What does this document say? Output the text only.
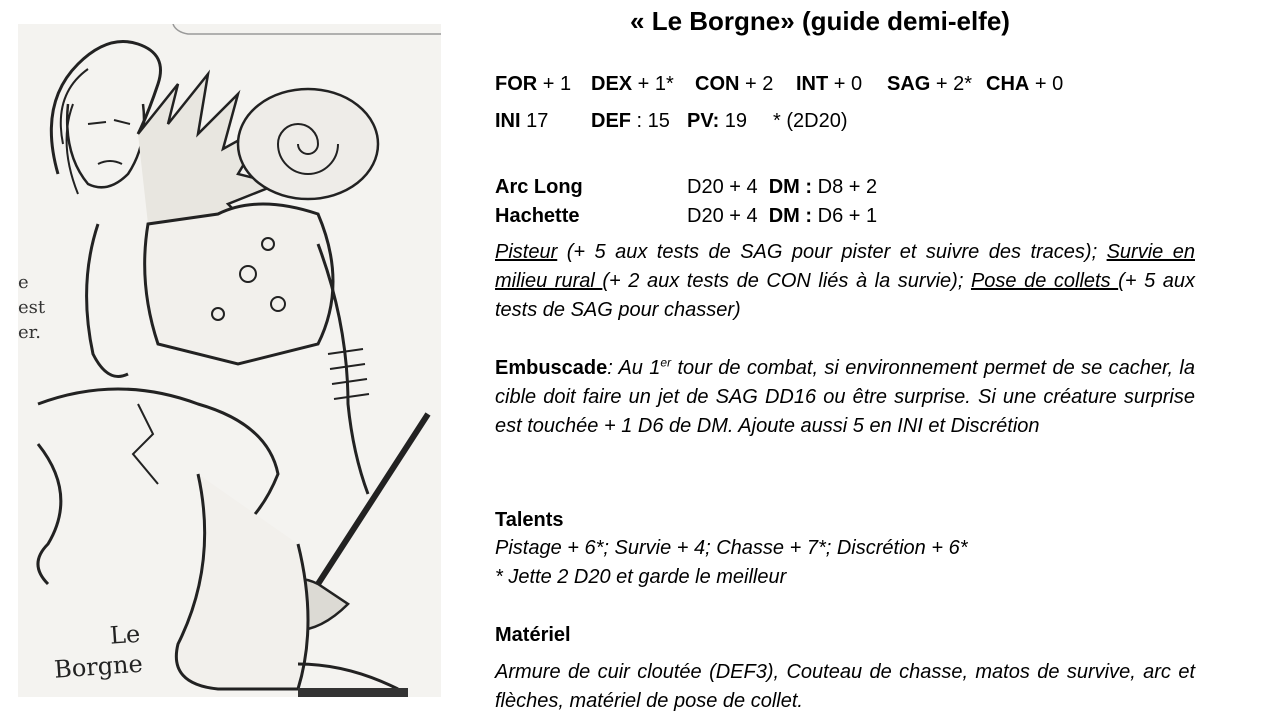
Le
Borgne
e
est
er.
« Le Borgne» (guide demi-elfe)
FOR + 1 DEX + 1* CON + 2 INT + 0 SAG + 2* CHA + 0
INI 17 DEF : 15 PV: 19 * (2D20)
Arc Long	D20 + 4 DM : D8 + 2
Hachette	D20 + 4 DM : D6 + 1
Pisteur (+ 5 aux tests de SAG pour pister et suivre des traces); Survie en milieu rural (+ 2 aux tests de CON liés à la survie); Pose de collets (+ 5 aux tests de SAG pour chasser)
Embuscade: Au 1er tour de combat, si environnement permet de se cacher, la cible doit faire un jet de SAG DD16 ou être surprise. Si une créature surprise est touchée + 1 D6 de DM. Ajoute aussi 5 en INI et Discrétion
Talents
Pistage + 6*; Survie + 4; Chasse + 7*; Discrétion + 6*
* Jette 2 D20 et garde le meilleur
Matériel
Armure de cuir cloutée (DEF3), Couteau de chasse, matos de survive, arc et flèches, matériel de pose de collet.
